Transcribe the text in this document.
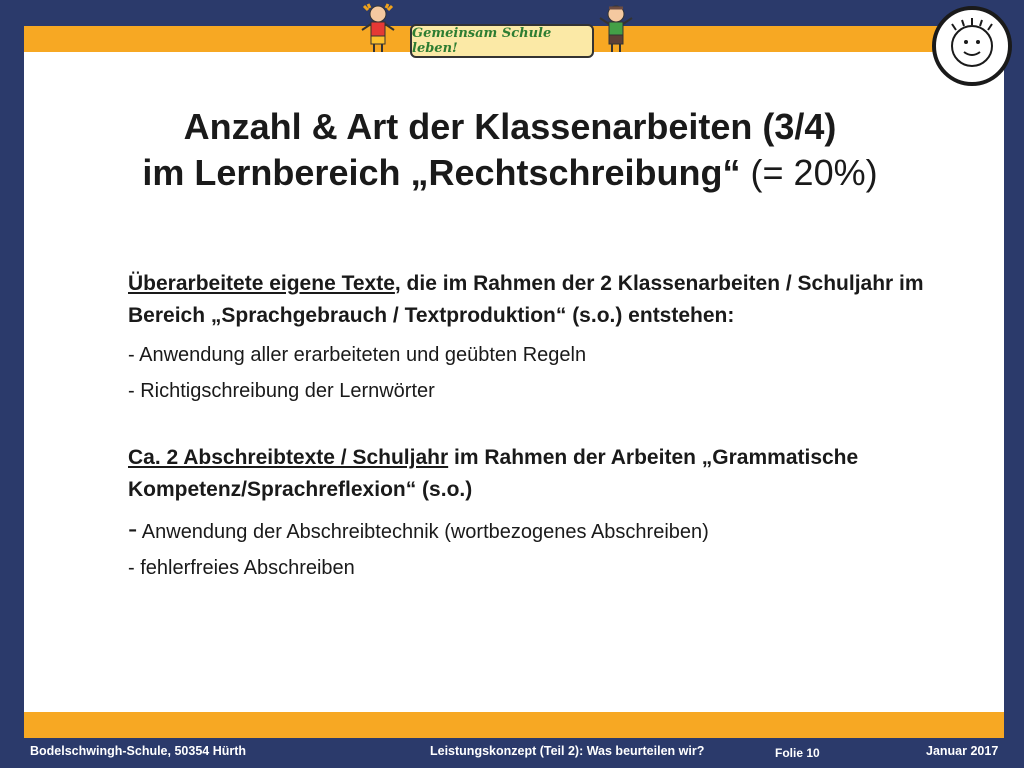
Gemeinsam Schule leben!
Anzahl & Art der Klassenarbeiten (3/4)
im Lernbereich „Rechtschreibung“ (= 20%)
Überarbeitete eigene Texte, die im Rahmen der 2 Klassenarbeiten / Schuljahr im Bereich „Sprachgebrauch / Textproduktion“ (s.o.) entstehen:
- Anwendung aller erarbeiteten und geübten Regeln
- Richtigschreibung der Lernwörter
Ca. 2 Abschreibtexte / Schuljahr im Rahmen der Arbeiten „Grammatische Kompetenz/Sprachreflexion“ (s.o.)
- Anwendung der Abschreibtechnik (wortbezogenes Abschreiben)
- fehlerfreies Abschreiben
Bodelschwingh-Schule, 50354 Hürth	Leistungskonzept (Teil 2): Was beurteilen wir?	Folie 10	Januar 2017
